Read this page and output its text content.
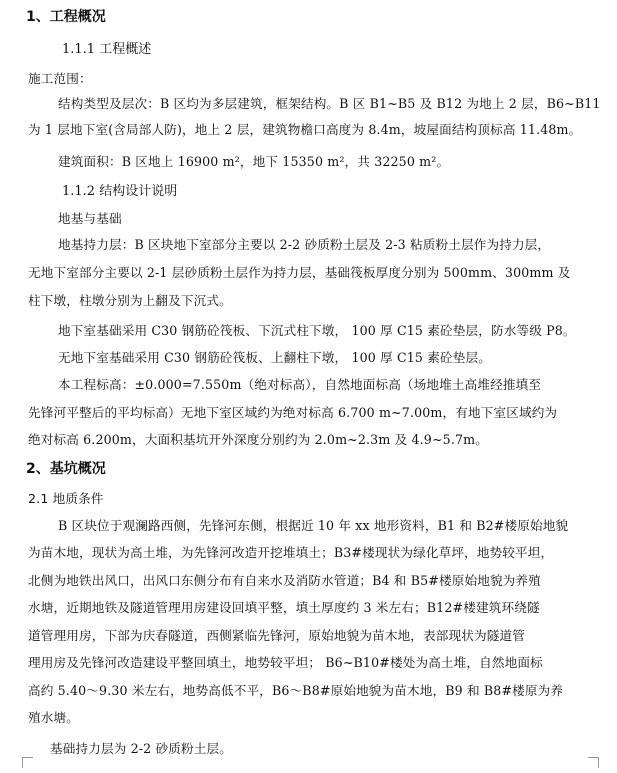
1、工程概况
1.1.1 工程概述
施工范围：
结构类型及层次：B 区均为多层建筑，框架结构。B 区 B1~B5 及 B12 为地上 2 层，B6~B11
为 1 层地下室(含局部人防)，地上 2 层，建筑物檐口高度为 8.4m，坡屋面结构顶标高 11.48m。
建筑面积：B 区地上 16900 m²，地下 15350 m²，共 32250 m²。
1.1.2 结构设计说明
地基与基础
地基持力层：B 区块地下室部分主要以 2-2 砂质粉土层及 2-3 粘质粉土层作为持力层，
无地下室部分主要以 2-1 层砂质粉土层作为持力层，基础筏板厚度分别为 500mm、300mm 及
柱下墩，柱墩分别为上翻及下沉式。
地下室基础采用 C30 钢筋砼筏板、下沉式柱下墩， 100 厚 C15 素砼垫层，防水等级 P8。
无地下室基础采用 C30 钢筋砼筏板、上翻柱下墩， 100 厚 C15 素砼垫层。
本工程标高：±0.000=7.550m（绝对标高），自然地面标高（场地堆土高堆经推填至
先锋河平整后的平均标高）无地下室区域约为绝对标高 6.700 m~7.00m，有地下室区域约为
绝对标高 6.200m，大面积基坑开外深度分别约为 2.0m~2.3m 及 4.9~5.7m。
2、基坑概况
2.1 地质条件
B 区块位于观澜路西侧，先锋河东侧，根据近 10 年 xx 地形资料，B1 和 B2#楼原始地貌
为苗木地，现状为高土堆，为先锋河改造开挖堆填土；B3#楼现状为绿化草坪，地势较平坦，
北侧为地铁出风口，出风口东侧分布有自来水及消防水管道；B4 和 B5#楼原始地貌为养殖
水塘，近期地铁及隧道管理用房建设回填平整，填土厚度约 3 米左右；B12#楼建筑环绕隧
道管理用房，下部为庆春隧道，西侧紧临先锋河，原始地貌为苗木地，表部现状为隧道管
理用房及先锋河改造建设平整回填土，地势较平坦； B6~B10#楼处为高土堆，自然地面标
高约 5.40～9.30 米左右，地势高低不平，B6～B8#原始地貌为苗木地，B9 和 B8#楼原为养
殖水塘。
基础持力层为 2-2 砂质粉土层。
